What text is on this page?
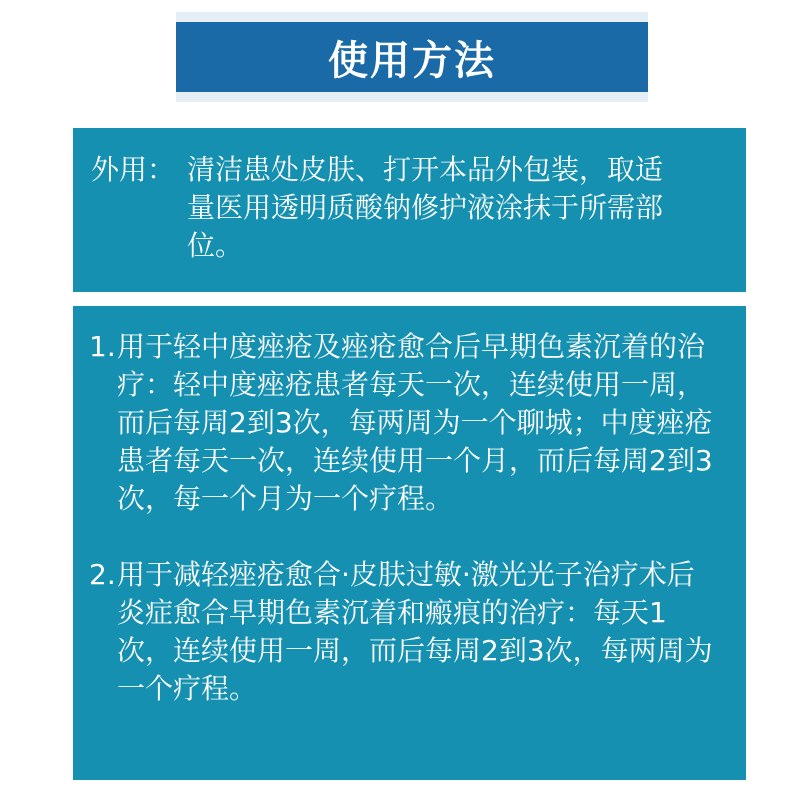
使用方法
外用： 清洁患处皮肤、打开本品外包装，取适量医用透明质酸钠修护液涂抹于所需部位。
1. 用于轻中度痤疮及痤疮愈合后早期色素沉着的治疗：轻中度痤疮患者每天一次，连续使用一周，而后每周2到3次，每两周为一个聊城；中度痤疮患者每天一次，连续使用一个月，而后每周2到3次，每一个月为一个疗程。
2. 用于减轻痤疮愈合·皮肤过敏·激光光子治疗术后炎症愈合早期色素沉着和瘢痕的治疗：每天1次，连续使用一周，而后每周2到3次，每两周为一个疗程。
